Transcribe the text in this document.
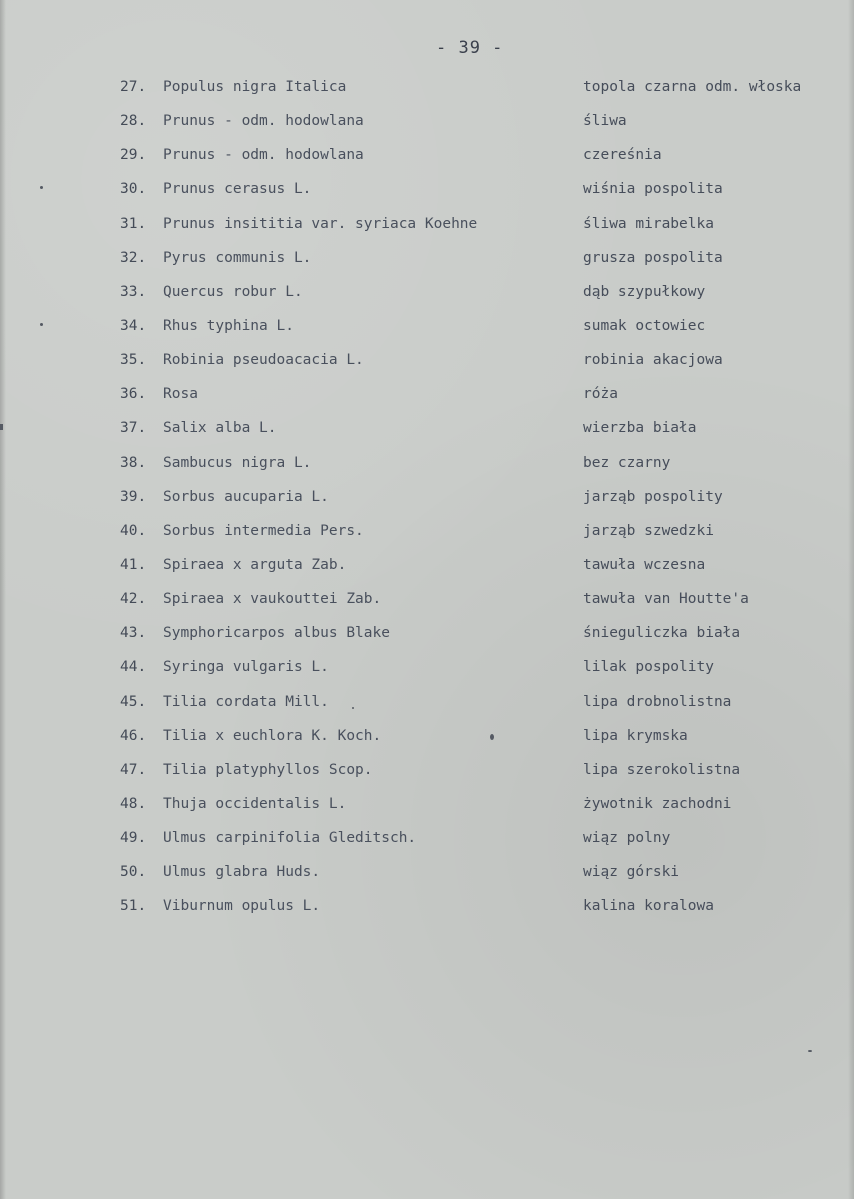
- 39 -
27.	Populus nigra Italica	topola czarna odm. włoska
28.	Prunus - odm. hodowlana	śliwa
29.	Prunus - odm. hodowlana	czereśnia
30.	Prunus cerasus L.	wiśnia pospolita
31.	Prunus insititia var. syriaca Koehne	śliwa mirabelka
32.	Pyrus communis L.	grusza pospolita
33.	Quercus robur L.	dąb szypułkowy
34.	Rhus typhina L.	sumak octowiec
35.	Robinia pseudoacacia L.	robinia akacjowa
36.	Rosa	róża
37.	Salix alba L.	wierzba biała
38.	Sambucus nigra L.	bez czarny
39.	Sorbus aucuparia L.	jarząb pospolity
40.	Sorbus intermedia Pers.	jarząb szwedzki
41.	Spiraea x arguta Zab.	tawuła wczesna
42.	Spiraea x vaukouttei Zab.	tawuła van Houtte'a
43.	Symphoricarpos albus Blake	śnieguliczka biała
44.	Syringa vulgaris L.	lilak pospolity
45.	Tilia cordata Mill.	lipa drobnolistna
46.	Tilia x euchlora K. Koch.	lipa krymska
47.	Tilia platyphyllos Scop.	lipa szerokolistna
48.	Thuja occidentalis L.	żywotnik zachodni
49.	Ulmus carpinifolia Gleditsch.	wiąz polny
50.	Ulmus glabra Huds.	wiąz górski
51.	Viburnum opulus L.	kalina koralowa
